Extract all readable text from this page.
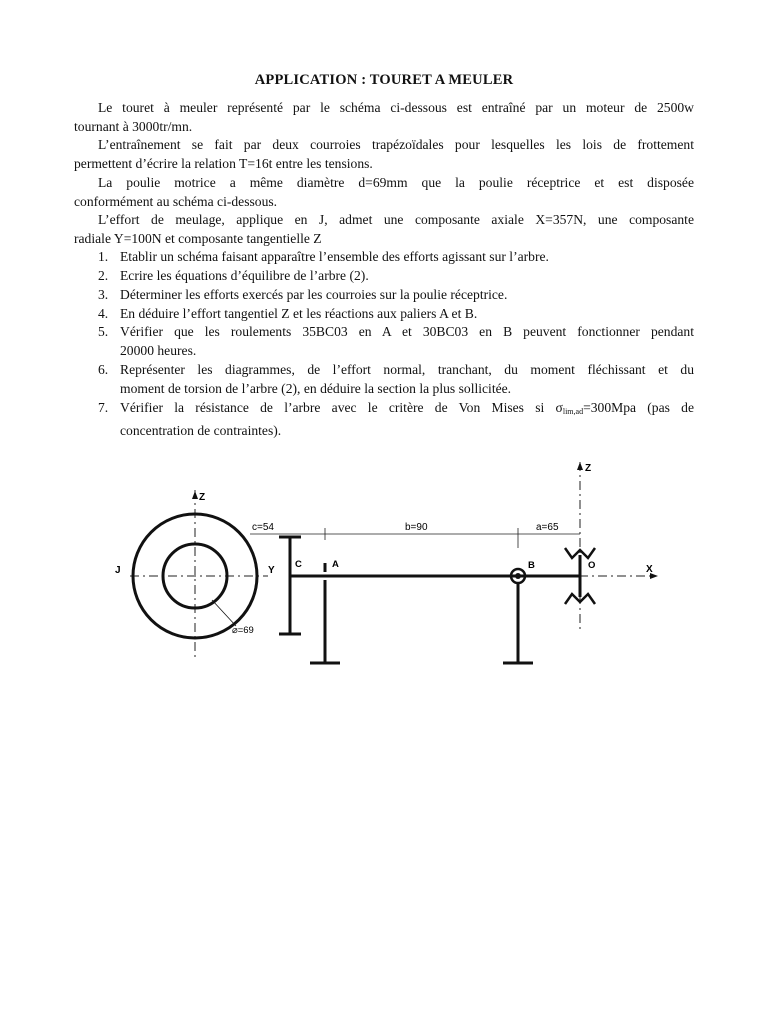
APPLICATION : TOURET A MEULER
Le touret à meuler représenté par le schéma ci-dessous est entraîné par un moteur de 2500w
tournant à 3000tr/mn.
L’entraînement se fait par deux courroies trapézoïdales pour lesquelles les lois de frottement
permettent d’écrire la relation T=16t entre les tensions.
La poulie motrice a même diamètre d=69mm que la poulie réceptrice et est disposée
conformément au schéma ci-dessous.
L’effort de meulage, applique en J, admet une composante axiale X=357N, une composante
radiale Y=100N et composante tangentielle Z
1. Etablir un schéma faisant apparaître l’ensemble des efforts agissant sur l’arbre.
2. Ecrire les équations d’équilibre de l’arbre (2).
3. Déterminer les efforts exercés par les courroies sur la poulie réceptrice.
4. En déduire l’effort tangentiel Z et les réactions aux paliers A et B.
5. Vérifier que les roulements 35BC03 en A et 30BC03 en B peuvent fonctionner pendant
20000 heures.
6. Représenter les diagrammes, de l’effort normal, tranchant, du moment fléchissant et du
moment de torsion de l’arbre (2), en déduire la section la plus sollicitée.
7. Vérifier la résistance de l’arbre avec le critère de Von Mises si $\sigma_{lim,ad}=300Mpa$ (pas de
concentration de contraintes).
Z
J	Y
⌀=69
Z
X
C	A	B	O
c=54	b=90	a=65
